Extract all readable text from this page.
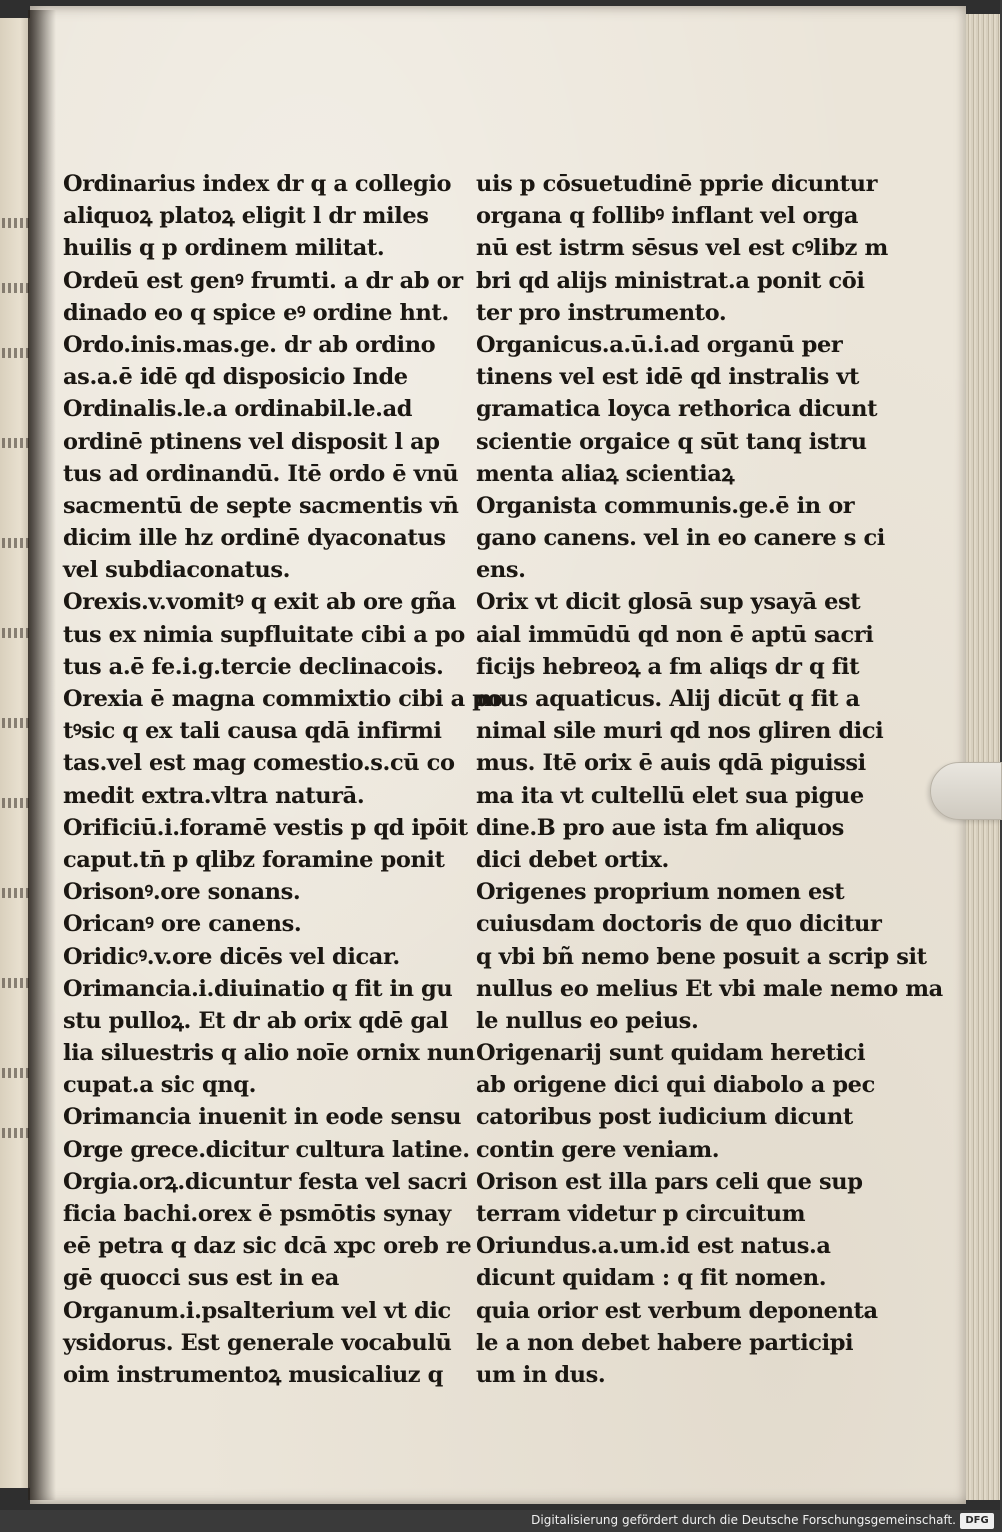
Ordinarius index dr q a collegio
aliquoꝝ platoꝝ eligit l dr miles
huilis q p ordinem militat.
Ordeū est genꝰ frumti. a dr ab or
dinado eo q spice eꝰ ordine hnt.
Ordo.inis.mas.ge. dr ab ordino
as.a.ē idē qd disposicio Inde
Ordinalis.le.a ordinabil.le.ad
ordinē ptinens vel disposit l ap
tus ad ordinandū. Itē ordo ē vnū
sacmentū de septe sacmentis vn̄
dicim ille hz ordinē dyaconatus
vel subdiaconatus.
Orexis.v.vomitꝰ q exit ab ore gña
tus ex nimia supfluitate cibi a po
tus a.ē fe.i.g.tercie declinacois.
Orexia ē magna commixtio cibi a po
tꝰsic q ex tali causa qdā infirmi
tas.vel est mag comestio.s.cū co
medit extra.vltra naturā.
Orificiū.i.foramē vestis p qd ipōit
caput.tn̄ p qlibz foramine ponit
Orisonꝰ.ore sonans.
Oricanꝰ ore canens.
Oridicꝰ.v.ore dicēs vel dicar.
Orimancia.i.diuinatio q fit in gu
stu pulloꝝ. Et dr ab orix qdē gal
lia siluestris q alio noīe ornix nun
cupat.a sic qnq.
Orimancia inuenit in eode sensu
Orge grece.dicitur cultura latine.
Orgia.orꝝ.dicuntur festa vel sacri
ficia bachi.orex ē psmōtis synay
eē petra q daz sic dcā xpc oreb re
gē quocci sus est in ea
Organum.i.psalterium vel vt dic
ysidorus. Est generale vocabulū
oim instrumentoꝝ musicaliuz q
uis p cōsuetudinē pprie dicuntur
organa q follibꝰ inflant vel orga
nū est istrm sēsus vel est cꝰlibz m
bri qd alijs ministrat.a ponit cōi
ter pro instrumento.
Organicus.a.ū.i.ad organū per
tinens vel est idē qd instralis vt
gramatica loyca rethorica dicunt
scientie orgaice q sūt tanq istru
menta aliaꝝ scientiaꝝ
Organista communis.ge.ē in or
gano canens. vel in eo canere s ci
ens.
Orix vt dicit glosā sup ysayā est
aial immūdū qd non ē aptū sacri
ficijs hebreoꝝ a fm aliqs dr q fit
mus aquaticus. Alij dicūt q fit a
nimal sile muri qd nos gliren dici
mus. Itē orix ē auis qdā piguissi
ma ita vt cultellū elet sua pigue
dine.B pro aue ista fm aliquos
dici debet ortix.
Origenes proprium nomen est
cuiusdam doctoris de quo dicitur
q vbi bñ nemo bene posuit a scrip sit
nullus eo melius Et vbi male nemo ma
le nullus eo peius.
Origenarij sunt quidam heretici
ab origene dici qui diabolo a pec
catoribus post iudicium dicunt
contin gere veniam.
Orison est illa pars celi que sup
terram videtur p circuitum
Oriundus.a.um.id est natus.a
dicunt quidam : q fit nomen.
quia orior est verbum deponenta
le a non debet habere participi
um in dus.
Digitalisierung gefördert durch die Deutsche Forschungsgemeinschaft. DFG
